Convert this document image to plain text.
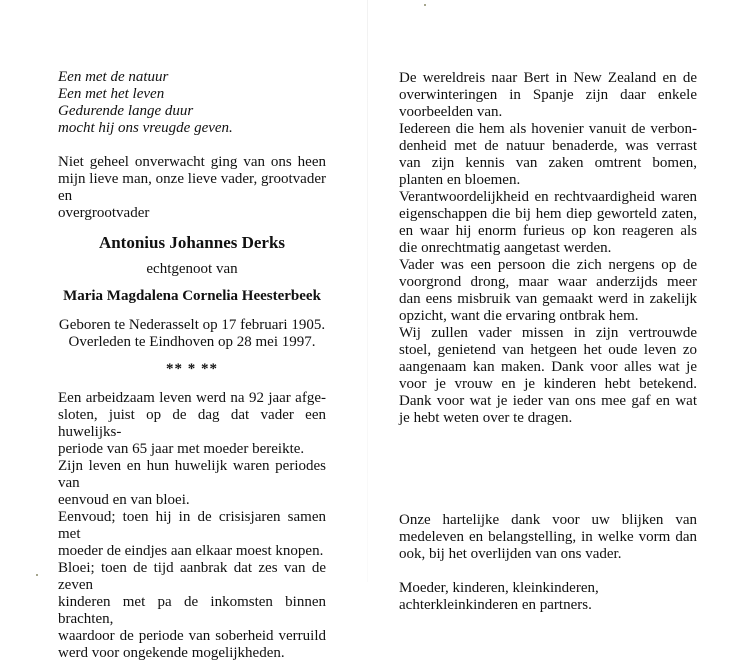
Een met de natuur
Een met het leven
Gedurende lange duur
mocht hij ons vreugde geven.
Niet geheel onverwacht ging van ons heen
mijn lieve man, onze lieve vader, grootvader en
overgrootvader
Antonius Johannes Derks
echtgenoot van
Maria Magdalena Cornelia Heesterbeek
Geboren te Nederasselt op 17 februari 1905.
Overleden te Eindhoven op 28 mei 1997.
** * **
Een arbeidzaam leven werd na 92 jaar afge-
sloten, juist op de dag dat vader een huwelijks-
periode van 65 jaar met moeder bereikte.
Zijn leven en hun huwelijk waren periodes van
eenvoud en van bloei.
Eenvoud; toen hij in de crisisjaren samen met
moeder de eindjes aan elkaar moest knopen.
Bloei; toen de tijd aanbrak dat zes van de zeven
kinderen met pa de inkomsten binnen brachten,
waardoor de periode van soberheid verruild
werd voor ongekende mogelijkheden.
De wereldreis naar Bert in New Zealand en de
overwinteringen in Spanje zijn daar enkele
voorbeelden van.
Iedereen die hem als hovenier vanuit de verbon-
denheid met de natuur benaderde, was verrast
van zijn kennis van zaken omtrent bomen,
planten en bloemen.
Verantwoordelijkheid en rechtvaardigheid waren
eigenschappen die bij hem diep geworteld zaten,
en waar hij enorm furieus op kon reageren als
die onrechtmatig aangetast werden.
Vader was een persoon die zich nergens op de
voorgrond drong, maar waar anderzijds meer
dan eens misbruik van gemaakt werd in zakelijk
opzicht, want die ervaring ontbrak hem.
Wij zullen vader missen in zijn vertrouwde
stoel, genietend van hetgeen het oude leven zo
aangenaam kan maken. Dank voor alles wat je
voor je vrouw en je kinderen hebt betekend.
Dank voor wat je ieder van ons mee gaf en wat
je hebt weten over te dragen.
Onze hartelijke dank voor uw blijken van
medeleven en belangstelling, in welke vorm dan
ook, bij het overlijden van ons vader.
Moeder, kinderen, kleinkinderen,
achterkleinkinderen en partners.
